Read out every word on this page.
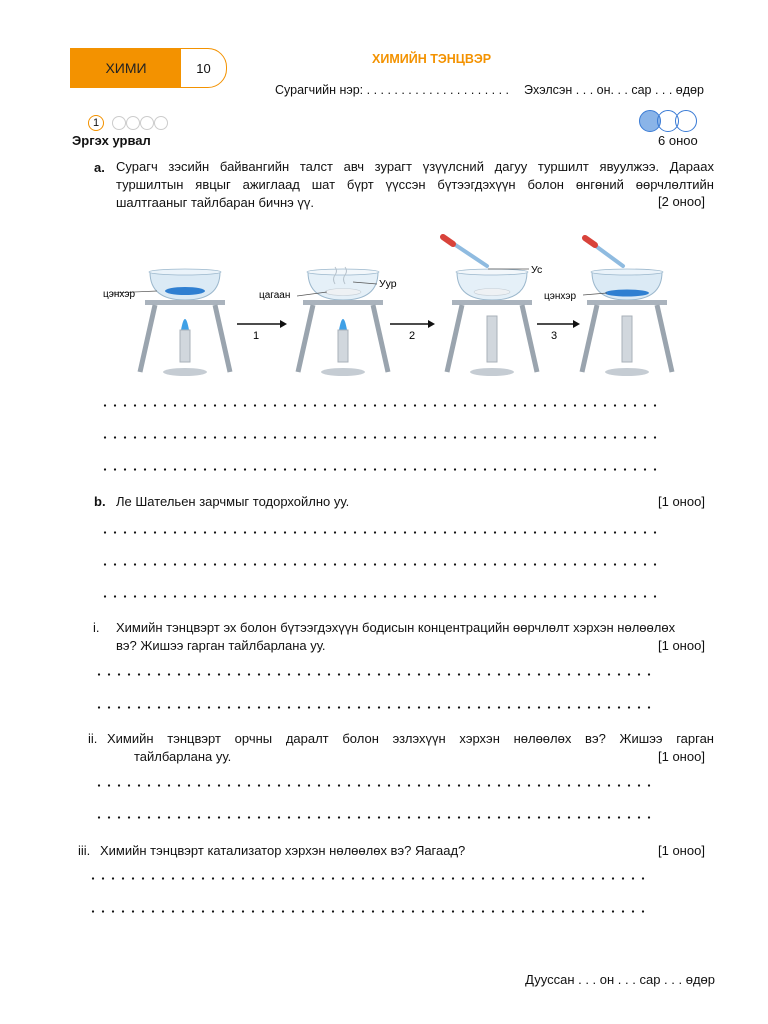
ХИМИ	10
ХИМИЙН ТЭНЦВЭР
Сурагчийн нэр: . . . . . . . . . . . . . . . . . . . . . Эхэлсэн . . . он. . . сар . . . өдөр
1
Эргэх урвал	6 оноо
a. Сурагч зэсийн байвангийн талст авч зурагт үзүүлсний дагуу туршилт явуулжээ. Дараах туршилтын явцыг ажиглаад шат бүрт үүссэн бүтээгдэхүүн болон өнгөний өөрчлөлтийн шалтгааныг тайлбаран бичнэ үү.	[2 оноо]
цэнхэр
1
цагаан
Уур
2
Ус
3
цэнхэр
b. Ле Шательен зарчмыг тодорхойлно уу.	[1 оноо]
i. Химийн тэнцвэрт эх болон бүтээгдэхүүн бодисын концентрацийн өөрчлөлт хэрхэн нөлөөлөх
вэ? Жишээ гарган тайлбарлана уу.	[1 оноо]
ii. Химийн тэнцвэрт орчны даралт болон эзлэхүүн хэрхэн нөлөөлөх вэ? Жишээ гарган
тайлбарлана уу.	[1 оноо]
iii. Химийн тэнцвэрт катализатор хэрхэн нөлөөлөх вэ? Яагаад?	[1 оноо]
Дууссан . . . он . . . сар . . . өдөр
